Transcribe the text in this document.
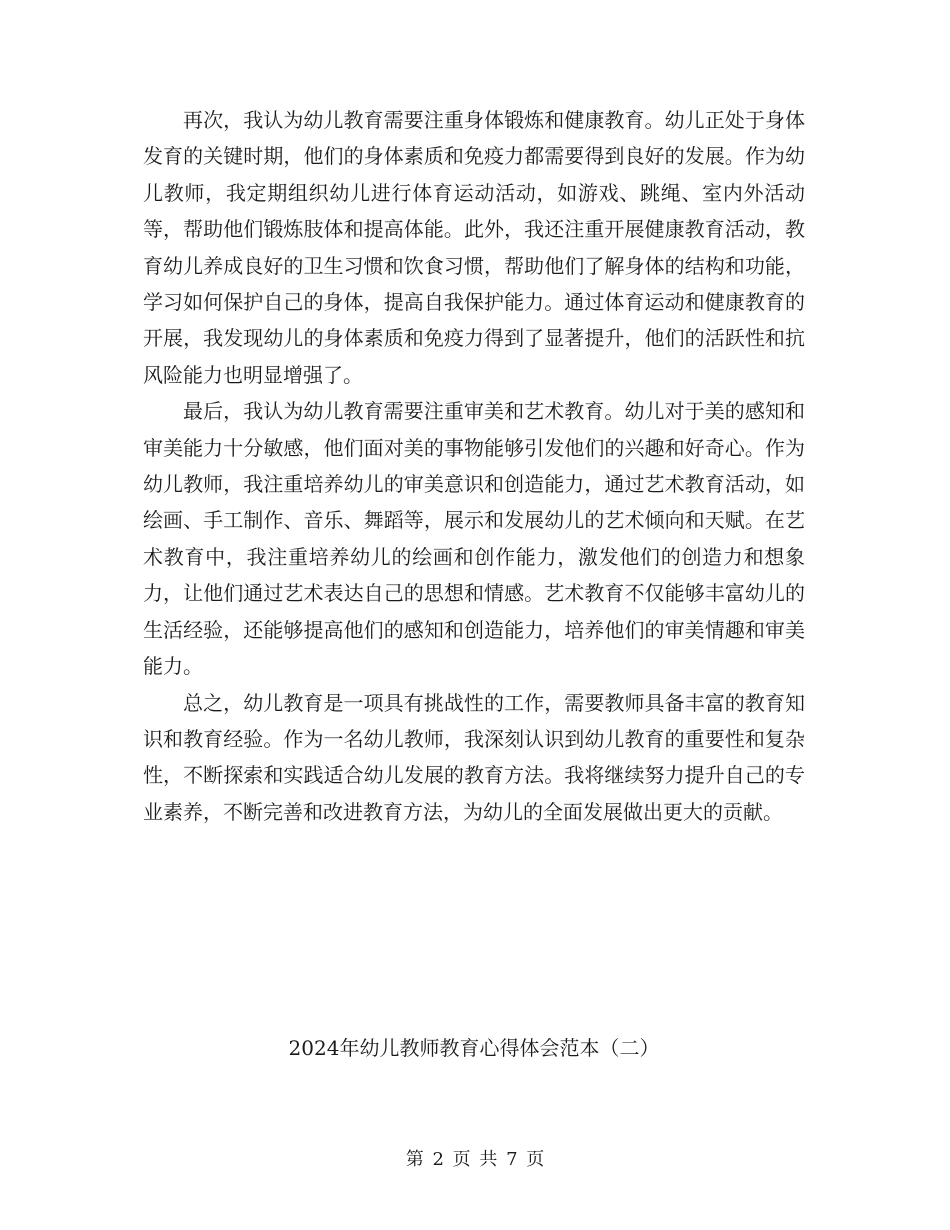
再次，我认为幼儿教育需要注重身体锻炼和健康教育。幼儿正处于身体发育的关键时期，他们的身体素质和免疫力都需要得到良好的发展。作为幼儿教师，我定期组织幼儿进行体育运动活动，如游戏、跳绳、室内外活动等，帮助他们锻炼肢体和提高体能。此外，我还注重开展健康教育活动，教育幼儿养成良好的卫生习惯和饮食习惯，帮助他们了解身体的结构和功能，学习如何保护自己的身体，提高自我保护能力。通过体育运动和健康教育的开展，我发现幼儿的身体素质和免疫力得到了显著提升，他们的活跃性和抗风险能力也明显增强了。

最后，我认为幼儿教育需要注重审美和艺术教育。幼儿对于美的感知和审美能力十分敏感，他们面对美的事物能够引发他们的兴趣和好奇心。作为幼儿教师，我注重培养幼儿的审美意识和创造能力，通过艺术教育活动，如绘画、手工制作、音乐、舞蹈等，展示和发展幼儿的艺术倾向和天赋。在艺术教育中，我注重培养幼儿的绘画和创作能力，激发他们的创造力和想象力，让他们通过艺术表达自己的思想和情感。艺术教育不仅能够丰富幼儿的生活经验，还能够提高他们的感知和创造能力，培养他们的审美情趣和审美能力。

总之，幼儿教育是一项具有挑战性的工作，需要教师具备丰富的教育知识和教育经验。作为一名幼儿教师，我深刻认识到幼儿教育的重要性和复杂性，不断探索和实践适合幼儿发展的教育方法。我将继续努力提升自己的专业素养，不断完善和改进教育方法，为幼儿的全面发展做出更大的贡献。

2024年幼儿教师教育心得体会范本（二）
第 2 页 共 7 页
